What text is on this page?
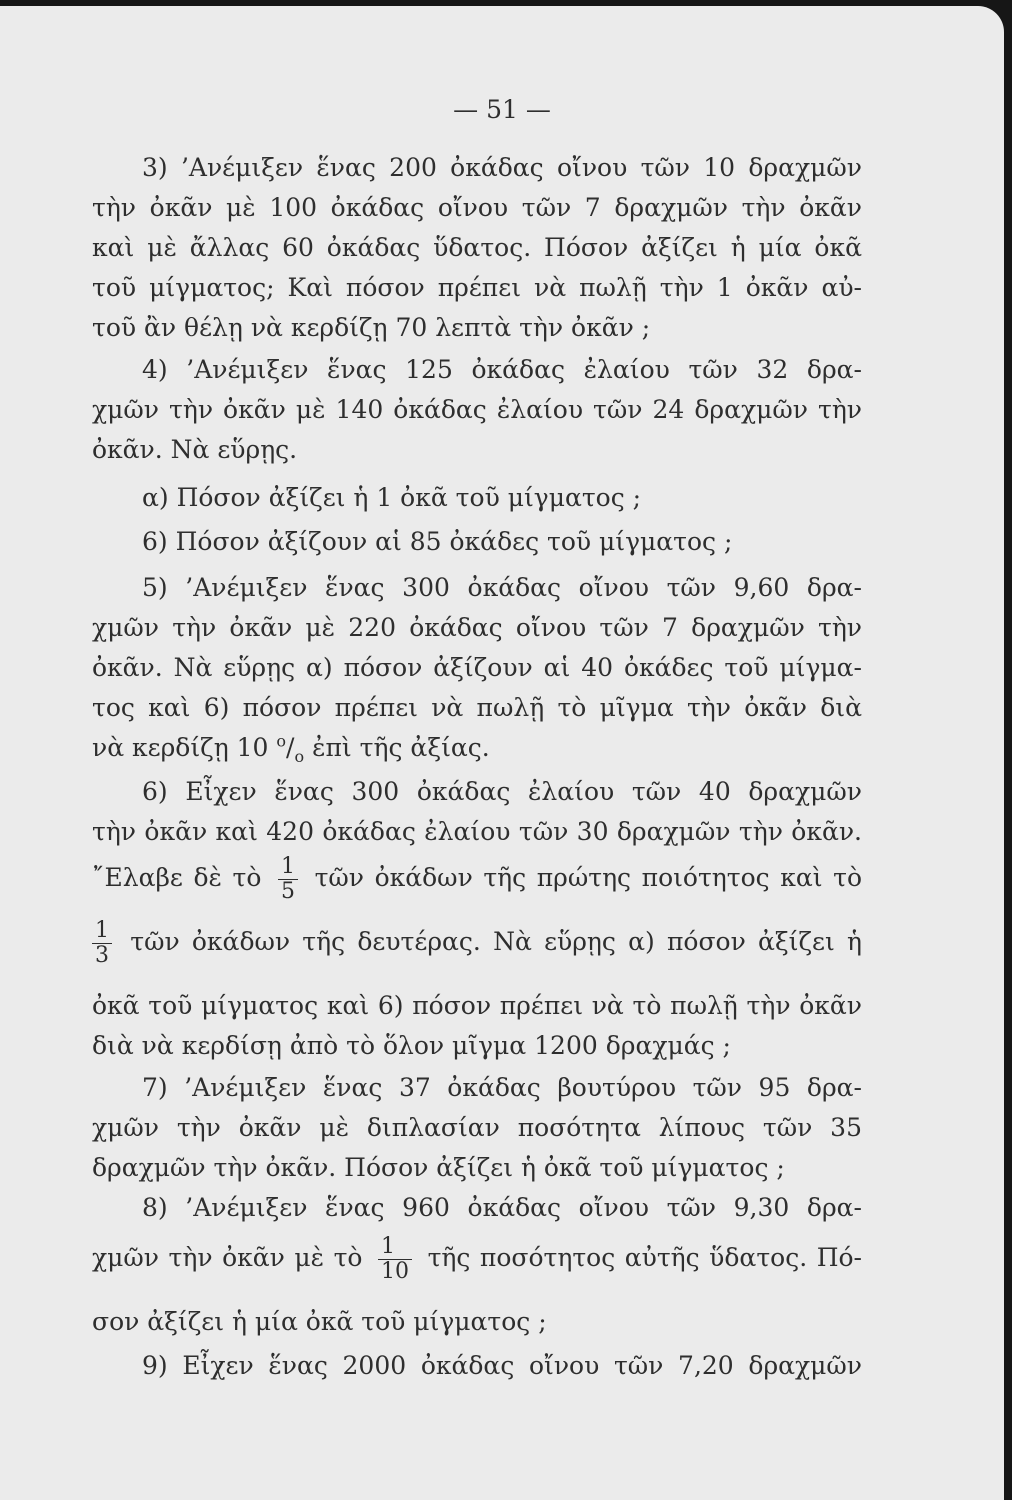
— 51 —
3) ’Ανέμιξεν ἕνας 200 ὀκάδας οἴνου τῶν 10 δραχμῶν
τὴν ὀκᾶν μὲ 100 ὀκάδας οἴνου τῶν 7 δραχμῶν τὴν ὀκᾶν
καὶ μὲ ἄλλας 60 ὀκάδας ὕδατος. Πόσον ἀξίζει ἡ μία ὀκᾶ
τοῦ μίγματος; Καὶ πόσον πρέπει νὰ πωλῇ τὴν 1 ὀκᾶν αὐ-
τοῦ ἂν θέλῃ νὰ κερδίζῃ 70 λεπτὰ τὴν ὀκᾶν ;
4) ’Ανέμιξεν ἕνας 125 ὀκάδας ἐλαίου τῶν 32 δρα-
χμῶν τὴν ὀκᾶν μὲ 140 ὀκάδας ἐλαίου τῶν 24 δραχμῶν τὴν
ὀκᾶν. Νὰ εὕρῃς.
α) Πόσον ἀξίζει ἡ 1 ὀκᾶ τοῦ μίγματος ;
6) Πόσον ἀξίζουν αἱ 85 ὀκάδες τοῦ μίγματος ;
5) ’Ανέμιξεν ἕνας 300 ὀκάδας οἴνου τῶν 9,60 δρα-
χμῶν τὴν ὀκᾶν μὲ 220 ὀκάδας οἴνου τῶν 7 δραχμῶν τὴν
ὀκᾶν. Νὰ εὕρῃς α) πόσον ἀξίζουν αἱ 40 ὀκάδες τοῦ μίγμα-
τος καὶ 6) πόσον πρέπει νὰ πωλῇ τὸ μῖγμα τὴν ὀκᾶν διὰ
νὰ κερδίζῃ 10 $^o/_o$ ἐπὶ τῆς ἀξίας.
6) Εἶχεν ἕνας 300 ὀκάδας ἐλαίου τῶν 40 δραχμῶν
τὴν ὀκᾶν καὶ 420 ὀκάδας ἐλαίου τῶν 30 δραχμῶν τὴν ὀκᾶν.
῎Ελαβε δὲ τὸ $\frac{1}{5}$ τῶν ὀκάδων τῆς πρώτης ποιότητος καὶ τὸ
$\frac{1}{3}$ τῶν ὀκάδων τῆς δευτέρας. Νὰ εὕρῃς α) πόσον ἀξίζει ἡ
ὀκᾶ τοῦ μίγματος καὶ 6) πόσον πρέπει νὰ τὸ πωλῇ τὴν ὀκᾶν
διὰ νὰ κερδίσῃ ἀπὸ τὸ ὅλον μῖγμα 1200 δραχμάς ;
7) ’Ανέμιξεν ἕνας 37 ὀκάδας βουτύρου τῶν 95 δρα-
χμῶν τὴν ὀκᾶν μὲ διπλασίαν ποσότητα λίπους τῶν 35
δραχμῶν τὴν ὀκᾶν. Πόσον ἀξίζει ἡ ὀκᾶ τοῦ μίγματος ;
8) ’Ανέμιξεν ἕνας 960 ὀκάδας οἴνου τῶν 9,30 δρα-
χμῶν τὴν ὀκᾶν μὲ τὸ $\frac{1}{10}$ τῆς ποσότητος αὐτῆς ὕδατος. Πό-
σον ἀξίζει ἡ μία ὀκᾶ τοῦ μίγματος ;
9) Εἶχεν ἕνας 2000 ὀκάδας οἴνου τῶν 7,20 δραχμῶν
